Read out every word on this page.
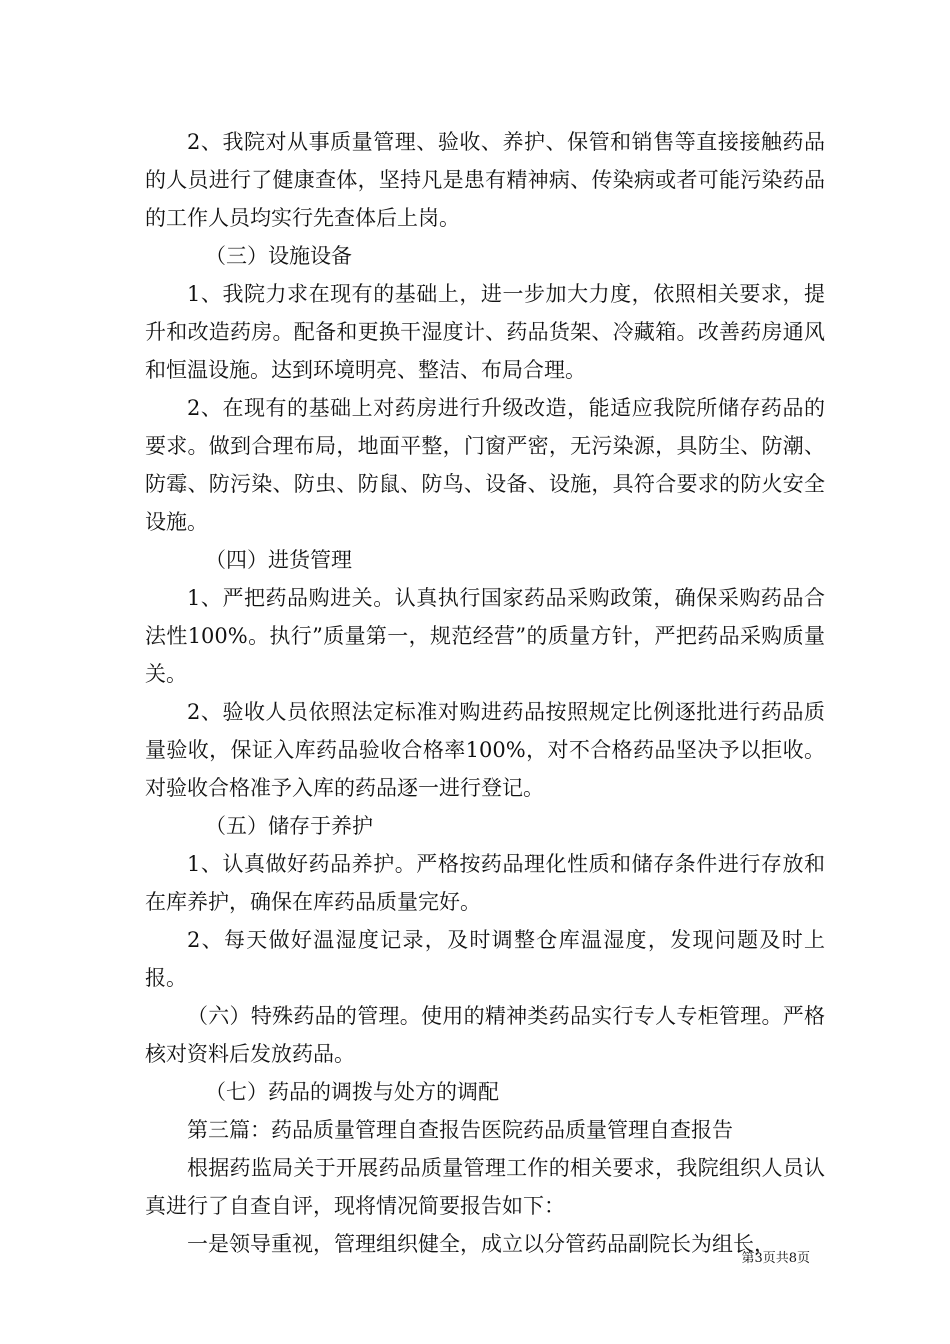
2、我院对从事质量管理、验收、养护、保管和销售等直接接触药品的人员进行了健康查体，坚持凡是患有精神病、传染病或者可能污染药品的工作人员均实行先查体后上岗。

（三）设施设备

1、我院力求在现有的基础上，进一步加大力度，依照相关要求，提升和改造药房。配备和更换干湿度计、药品货架、冷藏箱。改善药房通风和恒温设施。达到环境明亮、整洁、布局合理。

2、在现有的基础上对药房进行升级改造，能适应我院所储存药品的要求。做到合理布局，地面平整，门窗严密，无污染源，具防尘、防潮、防霉、防污染、防虫、防鼠、防鸟、设备、设施，具符合要求的防火安全设施。

（四）进货管理

1、严把药品购进关。认真执行国家药品采购政策，确保采购药品合法性100%。执行”质量第一，规范经营”的质量方针，严把药品采购质量关。

2、验收人员依照法定标准对购进药品按照规定比例逐批进行药品质量验收，保证入库药品验收合格率100%，对不合格药品坚决予以拒收。对验收合格准予入库的药品逐一进行登记。

（五）储存于养护

1、认真做好药品养护。严格按药品理化性质和储存条件进行存放和在库养护，确保在库药品质量完好。

2、每天做好温湿度记录，及时调整仓库温湿度，发现问题及时上报。

（六）特殊药品的管理。使用的精神类药品实行专人专柜管理。严格核对资料后发放药品。

（七）药品的调拨与处方的调配

第三篇：药品质量管理自查报告医院药品质量管理自查报告

根据药监局关于开展药品质量管理工作的相关要求，我院组织人员认真进行了自查自评，现将情况简要报告如下：

一是领导重视，管理组织健全，成立以分管药品副院长为组长，

第3页共8页
